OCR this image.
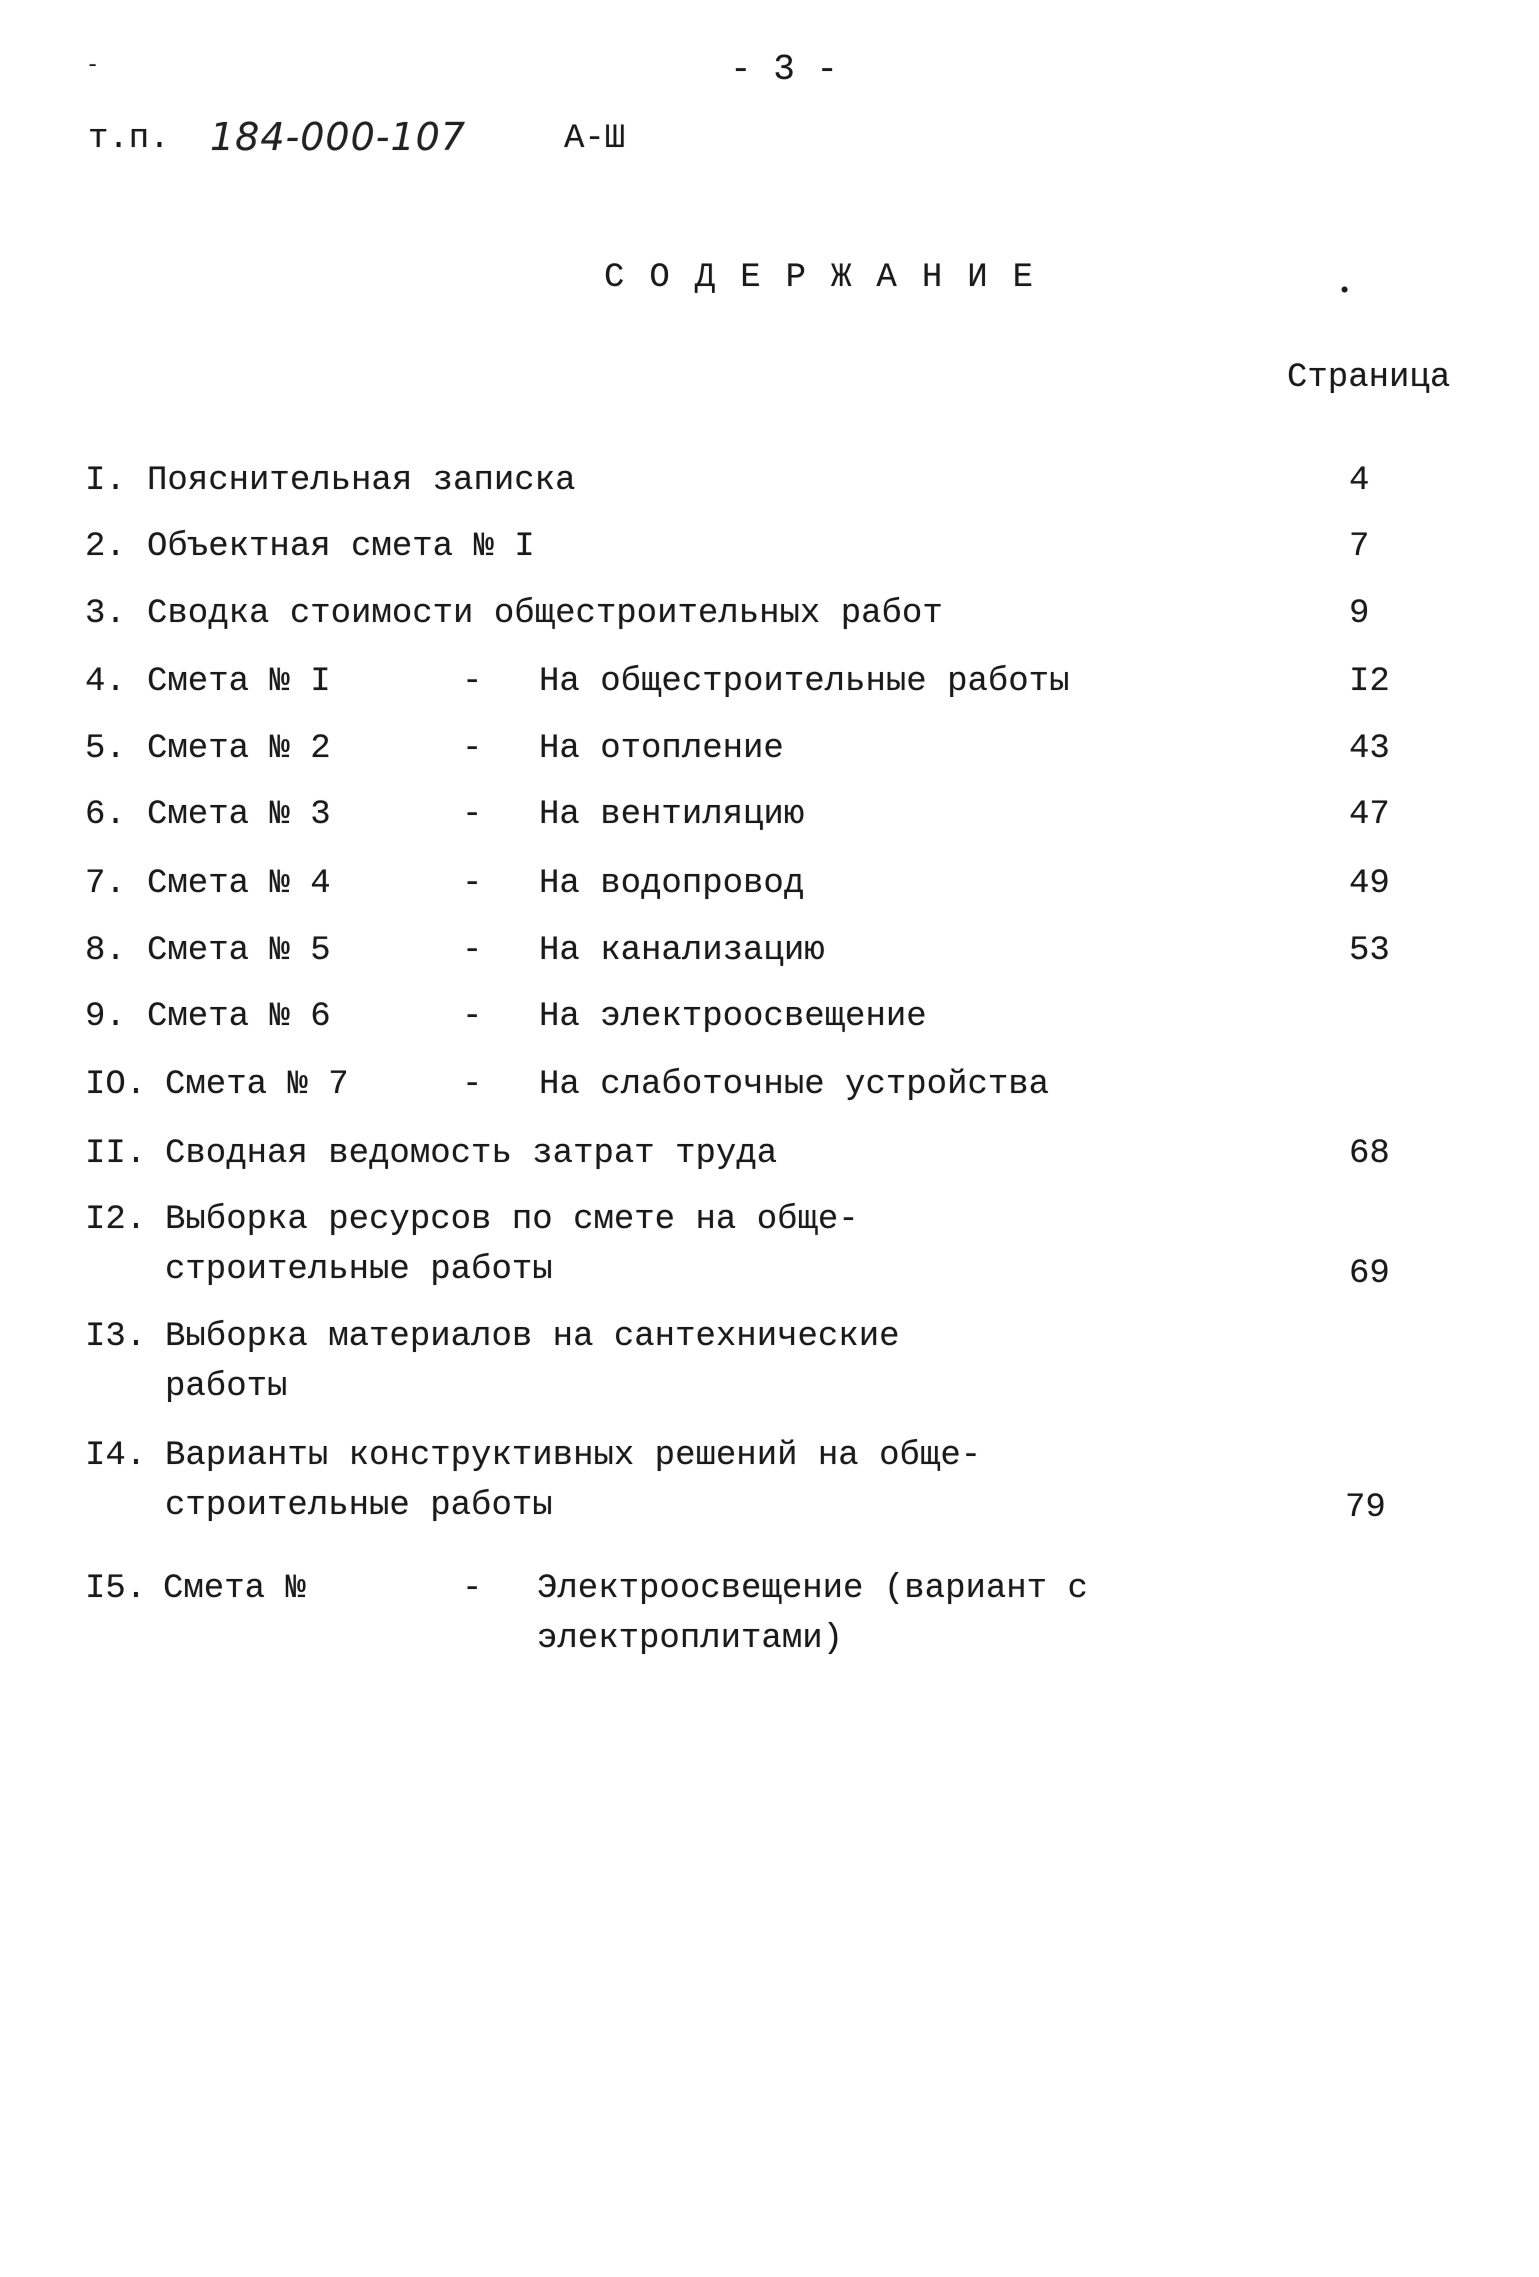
-	- 3 -
т.п. 184-000-107	А-Ш
СОДЕРЖАНИЕ	•
Страница
I. Пояснительная записка	4
2. Объектная смета № I	7
3. Сводка стоимости общестроительных работ	9
4. Смета № I	- На общестроительные работы	I2
5. Смета № 2	- На отопление	43
6. Смета № 3	- На вентиляцию	47
7. Смета № 4	- На водопровод	49
8. Смета № 5	- На канализацию	53
9. Смета № 6	- На электроосвещение
IO. Смета № 7	- На слаботочные устройства
II. Сводная ведомость затрат труда	68
I2. Выборка ресурсов по смете на обще-
строительные работы	69
I3. Выборка материалов на сантехнические
работы
I4. Варианты конструктивных решений на обще-
строительные работы	79
I5. Смета №	- Электроосвещение (вариант с
электроплитами)
